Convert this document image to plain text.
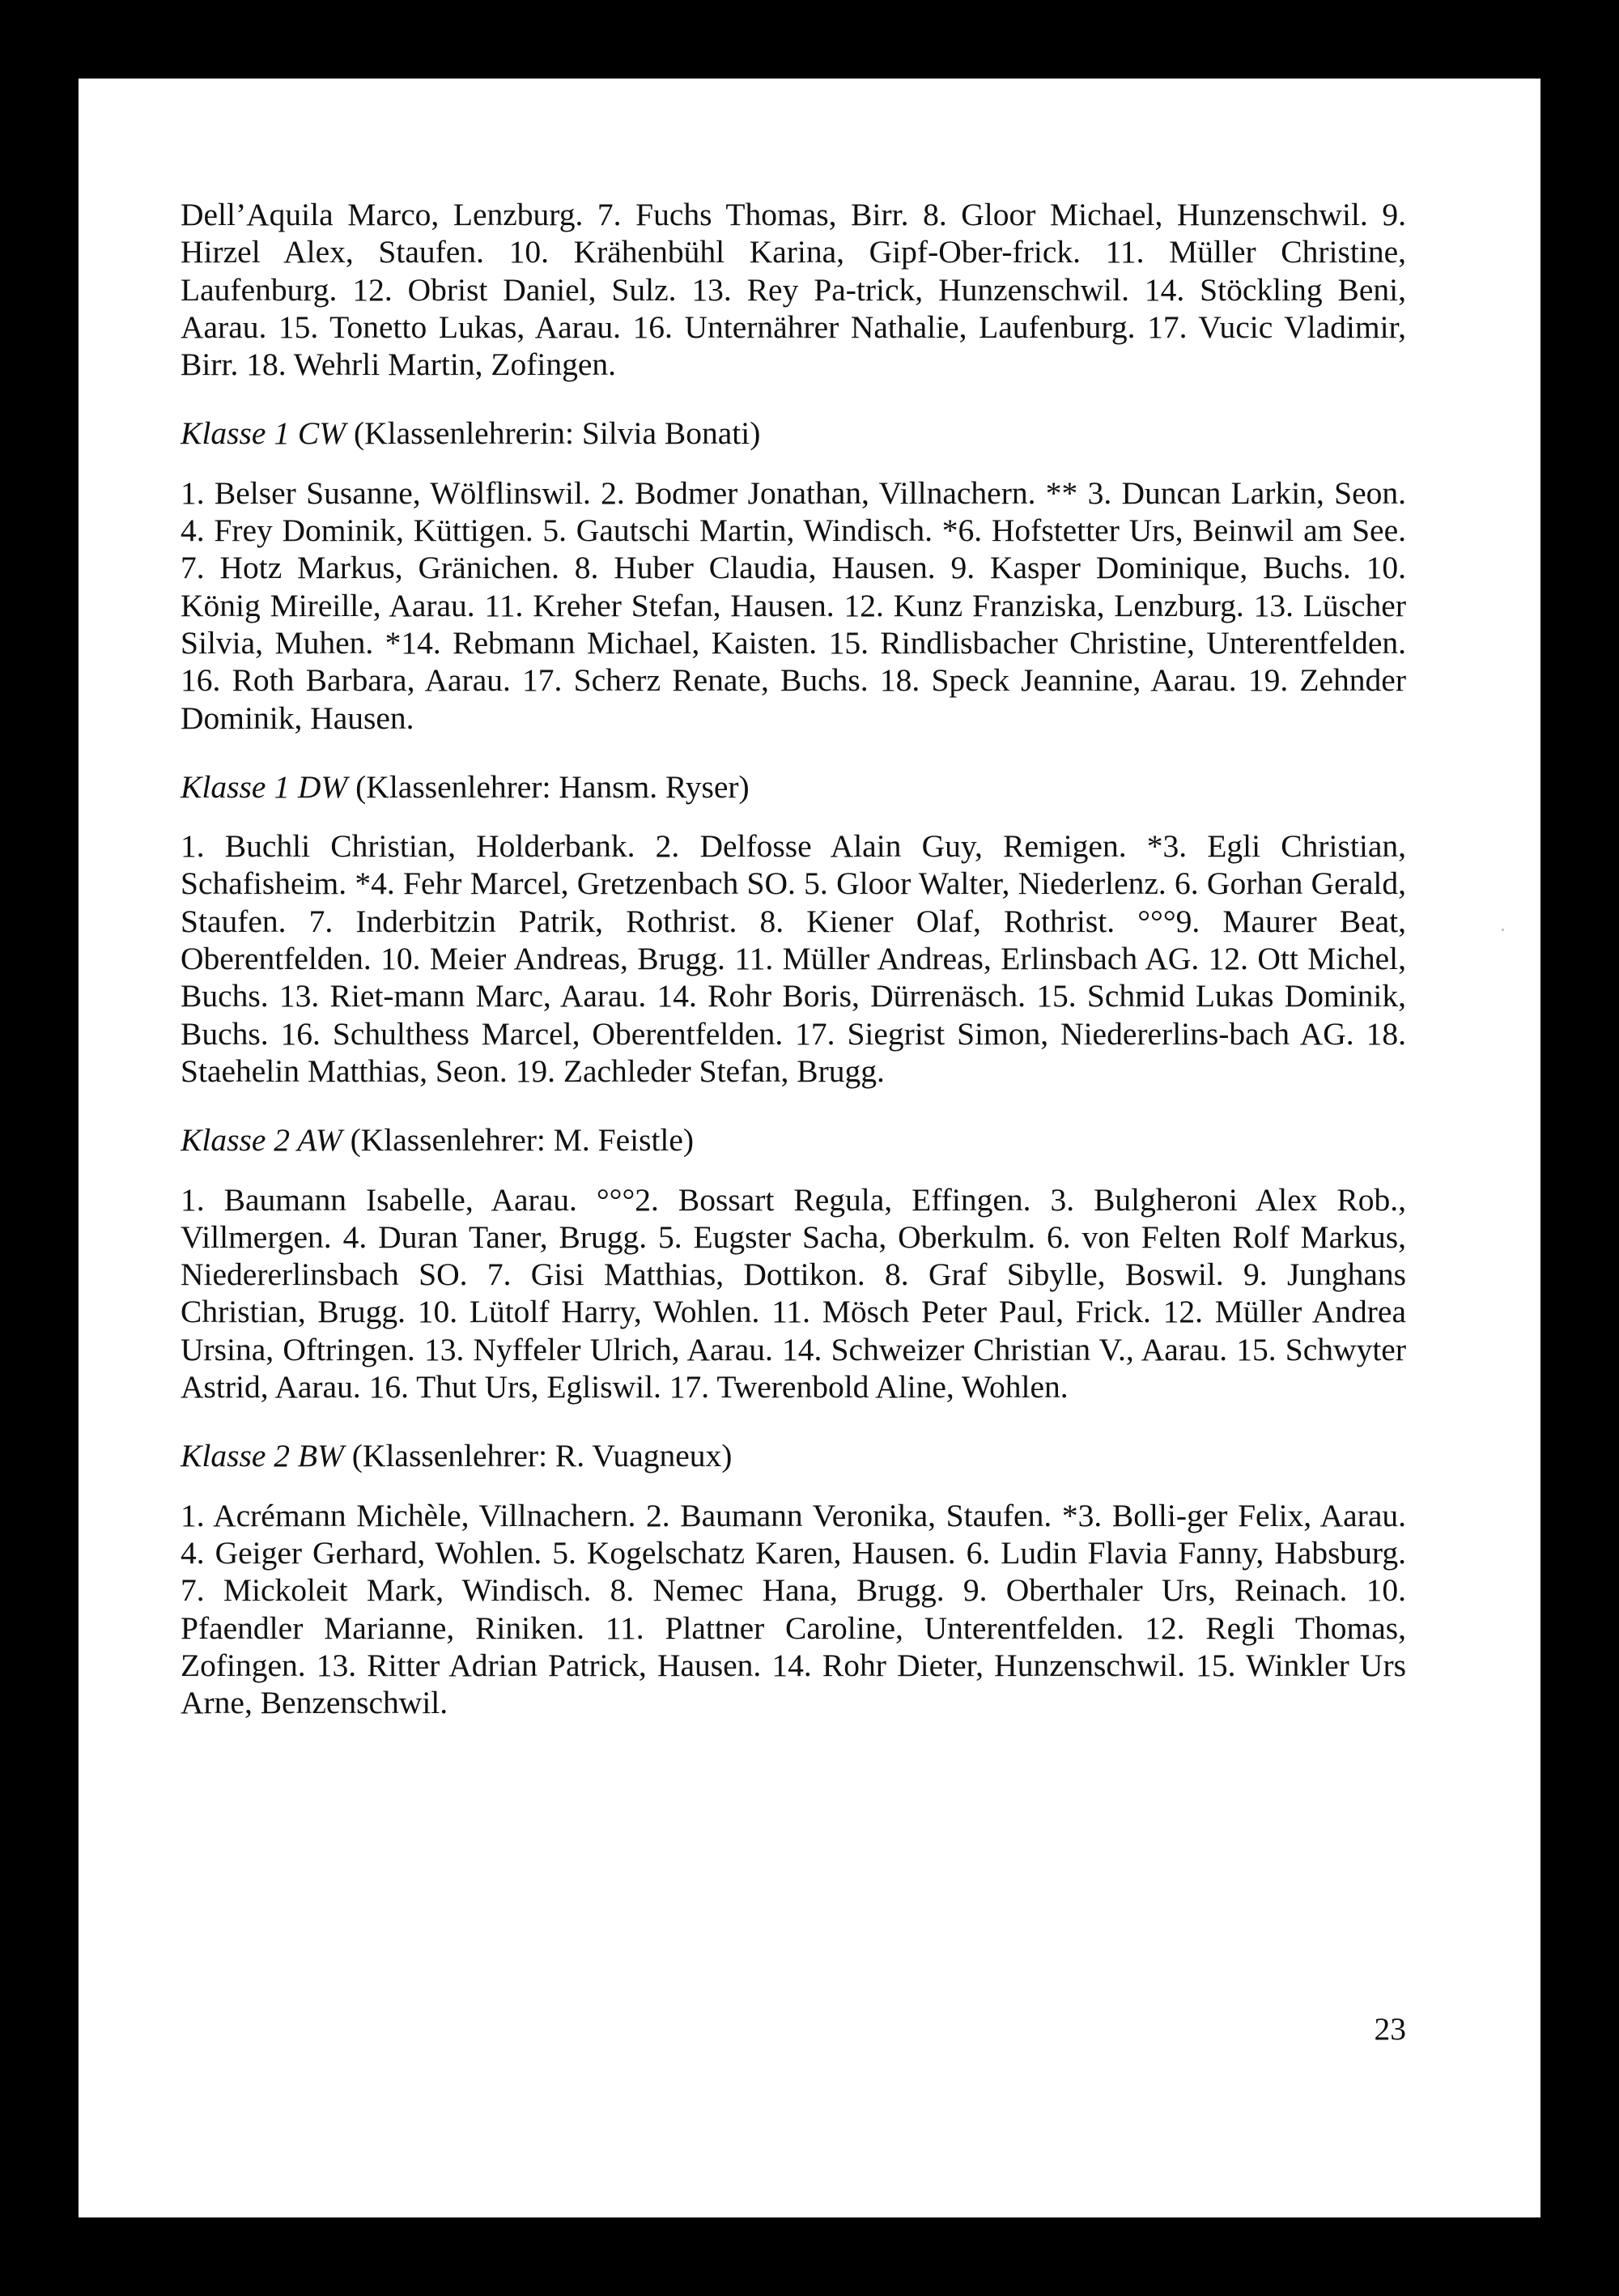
Dell’Aquila Marco, Lenzburg. 7. Fuchs Thomas, Birr. 8. Gloor Michael, Hunzenschwil. 9. Hirzel Alex, Staufen. 10. Krähenbühl Karina, Gipf-Ober-frick. 11. Müller Christine, Laufenburg. 12. Obrist Daniel, Sulz. 13. Rey Pa-trick, Hunzenschwil. 14. Stöckling Beni, Aarau. 15. Tonetto Lukas, Aarau. 16. Unternährer Nathalie, Laufenburg. 17. Vucic Vladimir, Birr. 18. Wehrli Martin, Zofingen.

Klasse 1 CW (Klassenlehrerin: Silvia Bonati)

1. Belser Susanne, Wölflinswil. 2. Bodmer Jonathan, Villnachern. ** 3. Duncan Larkin, Seon. 4. Frey Dominik, Küttigen. 5. Gautschi Martin, Windisch. *6. Hofstetter Urs, Beinwil am See. 7. Hotz Markus, Gränichen. 8. Huber Claudia, Hausen. 9. Kasper Dominique, Buchs. 10. König Mireille, Aarau. 11. Kreher Stefan, Hausen. 12. Kunz Franziska, Lenzburg. 13. Lüscher Silvia, Muhen. *14. Rebmann Michael, Kaisten. 15. Rindlisbacher Christine, Unterentfelden. 16. Roth Barbara, Aarau. 17. Scherz Renate, Buchs. 18. Speck Jeannine, Aarau. 19. Zehnder Dominik, Hausen.

Klasse 1 DW (Klassenlehrer: Hansm. Ryser)

1. Buchli Christian, Holderbank. 2. Delfosse Alain Guy, Remigen. *3. Egli Christian, Schafisheim. *4. Fehr Marcel, Gretzenbach SO. 5. Gloor Walter, Niederlenz. 6. Gorhan Gerald, Staufen. 7. Inderbitzin Patrik, Rothrist. 8. Kiener Olaf, Rothrist. °°°9. Maurer Beat, Oberentfelden. 10. Meier Andreas, Brugg. 11. Müller Andreas, Erlinsbach AG. 12. Ott Michel, Buchs. 13. Riet-mann Marc, Aarau. 14. Rohr Boris, Dürrenäsch. 15. Schmid Lukas Dominik, Buchs. 16. Schulthess Marcel, Oberentfelden. 17. Siegrist Simon, Niedererlins-bach AG. 18. Staehelin Matthias, Seon. 19. Zachleder Stefan, Brugg.

Klasse 2 AW (Klassenlehrer: M. Feistle)

1. Baumann Isabelle, Aarau. °°°2. Bossart Regula, Effingen. 3. Bulgheroni Alex Rob., Villmergen. 4. Duran Taner, Brugg. 5. Eugster Sacha, Oberkulm. 6. von Felten Rolf Markus, Niedererlinsbach SO. 7. Gisi Matthias, Dottikon. 8. Graf Sibylle, Boswil. 9. Junghans Christian, Brugg. 10. Lütolf Harry, Wohlen. 11. Mösch Peter Paul, Frick. 12. Müller Andrea Ursina, Oftringen. 13. Nyffeler Ulrich, Aarau. 14. Schweizer Christian V., Aarau. 15. Schwyter Astrid, Aarau. 16. Thut Urs, Egliswil. 17. Twerenbold Aline, Wohlen.

Klasse 2 BW (Klassenlehrer: R. Vuagneux)

1. Acrémann Michèle, Villnachern. 2. Baumann Veronika, Staufen. *3. Bolli-ger Felix, Aarau. 4. Geiger Gerhard, Wohlen. 5. Kogelschatz Karen, Hausen. 6. Ludin Flavia Fanny, Habsburg. 7. Mickoleit Mark, Windisch. 8. Nemec Hana, Brugg. 9. Oberthaler Urs, Reinach. 10. Pfaendler Marianne, Riniken. 11. Plattner Caroline, Unterentfelden. 12. Regli Thomas, Zofingen. 13. Ritter Adrian Patrick, Hausen. 14. Rohr Dieter, Hunzenschwil. 15. Winkler Urs Arne, Benzenschwil.

23
